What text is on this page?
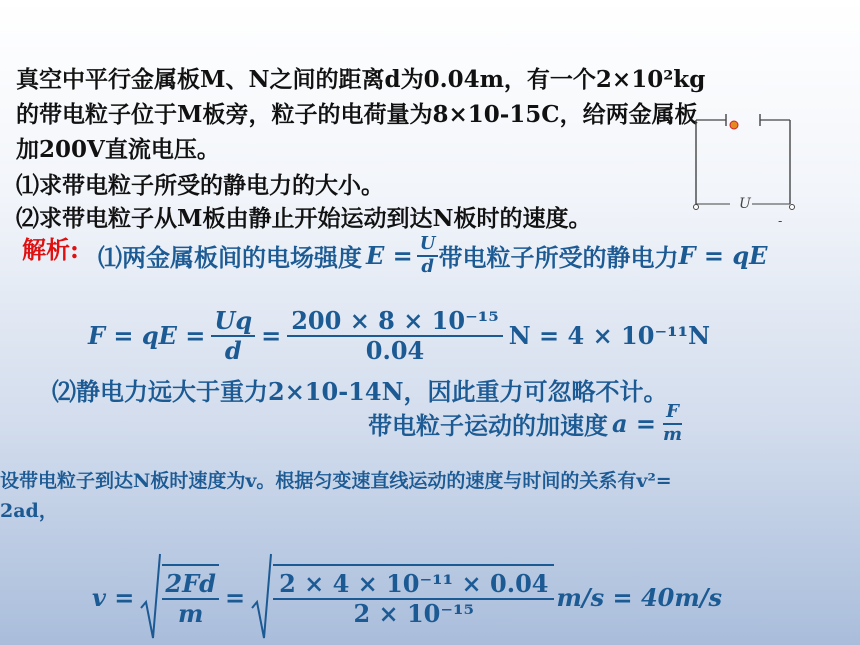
真空中平行金属板M、N之间的距离d为0.04m，有一个2×10²kg
的带电粒子位于M板旁，粒子的电荷量为8×10-15C，给两金属板
加200V直流电压。
⑴求带电粒子所受的静电力的大小。
⑵求带电粒子从M板由静止开始运动到达N板时的速度。
U
-
解析: ⑴两金属板间的电场强度 $E = \frac{U}{d}$ 带电粒子所受的静电力 F = qE
F = qE = $\frac{Uq}{d} = \frac{\text{200 × 8 × 10⁻¹⁵}}{0.04}$ N = 4 × 10⁻¹¹N
⑵静电力远大于重力2×10-14N，因此重力可忽略不计。
带电粒子运动的加速度 $a = \frac{F}{m}$
设带电粒子到达N板时速度为v。根据匀变速直线运动的速度与时间的关系有v²=
2ad，
$v = \frac{2Fd}{m} = \frac{\text{2 × 4 × 10⁻¹¹ × 0.04}}{\text{2 × 10⁻¹⁵}} m/s = 40m/s$
